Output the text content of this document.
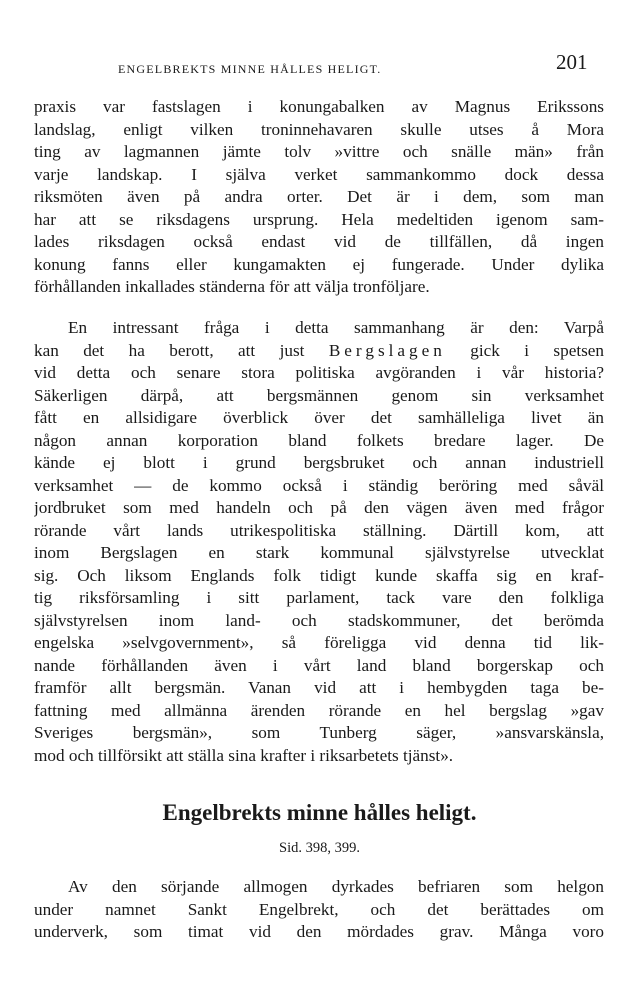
ENGELBREKTS MINNE HÅLLES HELIGT.	201
praxis var fastslagen i konungabalken av Magnus Erikssons
landslag, enligt vilken troninnehavaren skulle utses å Mora
ting av lagmannen jämte tolv »vittre och snälle män» från
varje landskap. I själva verket sammankommo dock dessa
riksmöten även på andra orter. Det är i dem, som man
har att se riksdagens ursprung. Hela medeltiden igenom sam-
lades riksdagen också endast vid de tillfällen, då ingen
konung fanns eller kungamakten ej fungerade. Under dylika
förhållanden inkallades ständerna för att välja tronföljare.
En intressant fråga i detta sammanhang är den: Varpå
kan det ha berott, att just Bergslagen gick i spetsen
vid detta och senare stora politiska avgöranden i vår historia?
Säkerligen därpå, att bergsmännen genom sin verksamhet
fått en allsidigare överblick över det samhälleliga livet än
någon annan korporation bland folkets bredare lager. De
kände ej blott i grund bergsbruket och annan industriell
verksamhet — de kommo också i ständig beröring med såväl
jordbruket som med handeln och på den vägen även med frågor
rörande vårt lands utrikespolitiska ställning. Därtill kom, att
inom Bergslagen en stark kommunal självstyrelse utvecklat
sig. Och liksom Englands folk tidigt kunde skaffa sig en kraf-
tig riksförsamling i sitt parlament, tack vare den folkliga
självstyrelsen inom land- och stadskommuner, det berömda
engelska »selvgovernment», så föreligga vid denna tid lik-
nande förhållanden även i vårt land bland borgerskap och
framför allt bergsmän. Vanan vid att i hembygden taga be-
fattning med allmänna ärenden rörande en hel bergslag »gav
Sveriges bergsmän», som Tunberg säger, »ansvarskänsla,
mod och tillförsikt att ställa sina krafter i riksarbetets tjänst».
Engelbrekts minne hålles heligt.
Sid. 398, 399.
Av den sörjande allmogen dyrkades befriaren som helgon
under namnet Sankt Engelbrekt, och det berättades om
underverk, som timat vid den mördades grav. Många voro
